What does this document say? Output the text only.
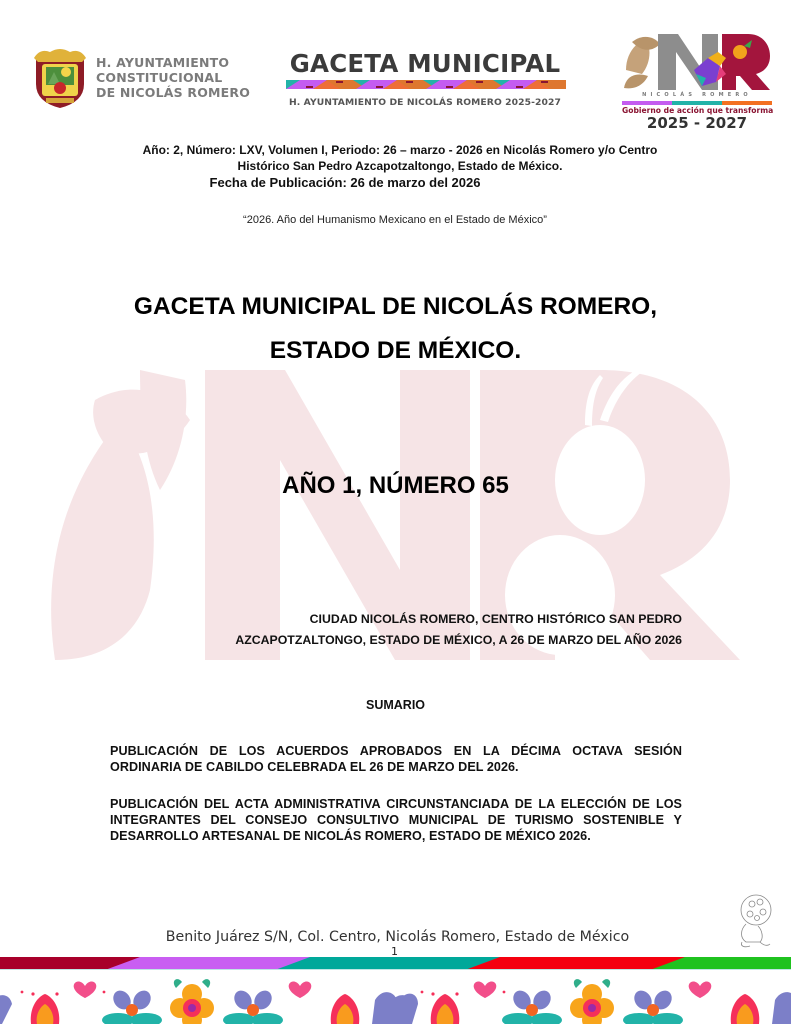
H. AYUNTAMIENTO
CONSTITUCIONAL
DE NICOLÁS ROMERO
GACETA MUNICIPAL
H. AYUNTAMIENTO DE NICOLÁS ROMERO 2025-2027
NICOLÁS ROMERO
Gobierno de acción que transforma
2025 - 2027
Año: 2, Número: LXV, Volumen I, Periodo: 26 – marzo - 2026 en Nicolás Romero y/o Centro
Histórico San Pedro Azcapotzaltongo, Estado de México.
Fecha de Publicación: 26 de marzo del 2026
“2026. Año del Humanismo Mexicano en el Estado de México”
GACETA MUNICIPAL DE NICOLÁS ROMERO,
ESTADO DE MÉXICO.
AÑO 1, NÚMERO 65
CIUDAD NICOLÁS ROMERO, CENTRO HISTÓRICO SAN PEDRO
AZCAPOTZALTONGO, ESTADO DE MÉXICO, A 26 DE MARZO DEL AÑO 2026
SUMARIO
PUBLICACIÓN DE LOS ACUERDOS APROBADOS EN LA DÉCIMA OCTAVA SESIÓN ORDINARIA DE CABILDO CELEBRADA EL 26 DE MARZO DEL 2026.
PUBLICACIÓN DEL ACTA ADMINISTRATIVA CIRCUNSTANCIADA DE LA ELECCIÓN DE LOS INTEGRANTES DEL CONSEJO CONSULTIVO MUNICIPAL DE TURISMO SOSTENIBLE Y DESARROLLO ARTESANAL DE NICOLÁS ROMERO, ESTADO DE MÉXICO 2026.
Benito Juárez S/N, Col. Centro, Nicolás Romero, Estado de México
1
